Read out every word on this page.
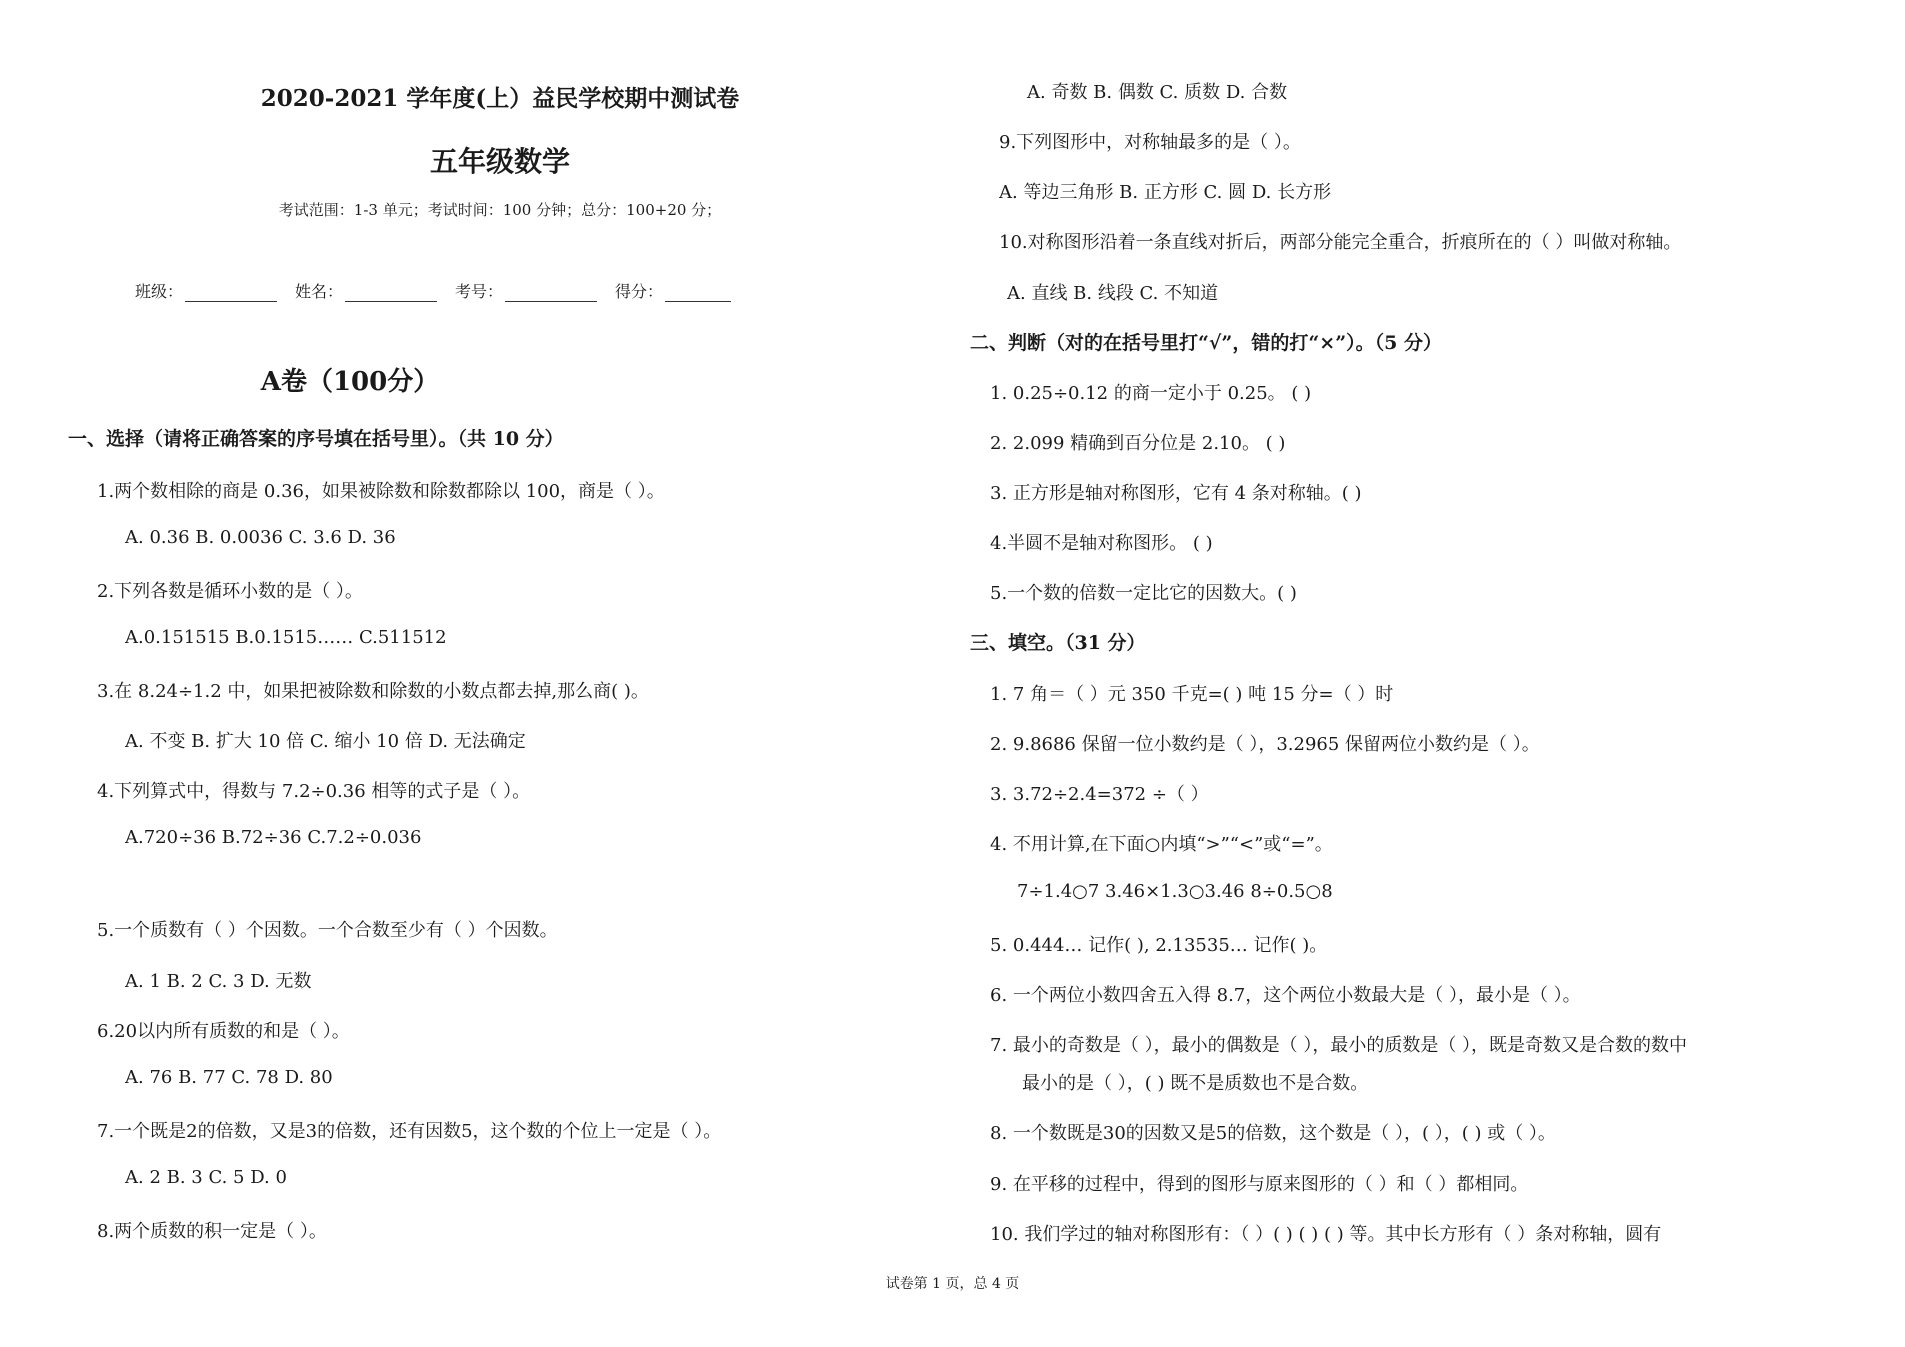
2020-2021 学年度(上）益民学校期中测试卷
五年级数学
考试范围：1-3 单元；考试时间：100 分钟；总分：100+20 分；
班级：	姓名：	考号：	得分：
A卷（100分）
一、选择（请将正确答案的序号填在括号里）。（共 10 分）
1.两个数相除的商是 0.36，如果被除数和除数都除以 100，商是（ ）。
A. 0.36 B. 0.0036 C. 3.6 D. 36
2.下列各数是循环小数的是（ ）。
A.0.151515 B.0.1515…… C.511512
3.在 8.24÷1.2 中，如果把被除数和除数的小数点都去掉,那么商( )。
A. 不变 B. 扩大 10 倍 C. 缩小 10 倍 D. 无法确定
4.下列算式中，得数与 7.2÷0.36 相等的式子是（ ）。
A.720÷36 B.72÷36 C.7.2÷0.036
5.一个质数有（ ）个因数。一个合数至少有（ ）个因数。
A. 1 B. 2 C. 3 D. 无数
6.20以内所有质数的和是（ ）。
A. 76 B. 77 C. 78 D. 80
7.一个既是2的倍数，又是3的倍数，还有因数5，这个数的个位上一定是（ ）。
A. 2 B. 3 C. 5 D. 0
8.两个质数的积一定是（ ）。
A. 奇数 B. 偶数 C. 质数 D. 合数
9.下列图形中，对称轴最多的是（ ）。
A. 等边三角形 B. 正方形 C. 圆 D. 长方形
10.对称图形沿着一条直线对折后，两部分能完全重合，折痕所在的（ ）叫做对称轴。
A. 直线 B. 线段 C. 不知道
二、判断（对的在括号里打“√”，错的打“×”）。（5 分）
1. 0.25÷0.12 的商一定小于 0.25。 ( )
2. 2.099 精确到百分位是 2.10。 ( )
3. 正方形是轴对称图形，它有 4 条对称轴。( )
4.半圆不是轴对称图形。 ( )
5.一个数的倍数一定比它的因数大。( )
三、填空。（31 分）
1. 7 角＝（ ）元 350 千克=( ) 吨 15 分=（ ）时
2. 9.8686 保留一位小数约是（ ），3.2965 保留两位小数约是（ ）。
3. 3.72÷2.4=372 ÷（ ）
4. 不用计算,在下面○内填“>”“<”或“=”。
7÷1.4○7 3.46×1.3○3.46 8÷0.5○8
5. 0.444… 记作( ), 2.13535… 记作( )。
6. 一个两位小数四舍五入得 8.7，这个两位小数最大是（ ），最小是（ ）。
7. 最小的奇数是（ ），最小的偶数是（ ），最小的质数是（ ），既是奇数又是合数的数中
最小的是（ ），( ) 既不是质数也不是合数。
8. 一个数既是30的因数又是5的倍数，这个数是（ ），( ），( ) 或（ ）。
9. 在平移的过程中，得到的图形与原来图形的（ ）和（ ）都相同。
10. 我们学过的轴对称图形有：（ ）( ) ( ) ( ) 等。其中长方形有（ ）条对称轴，圆有
试卷第 1 页，总 4 页
